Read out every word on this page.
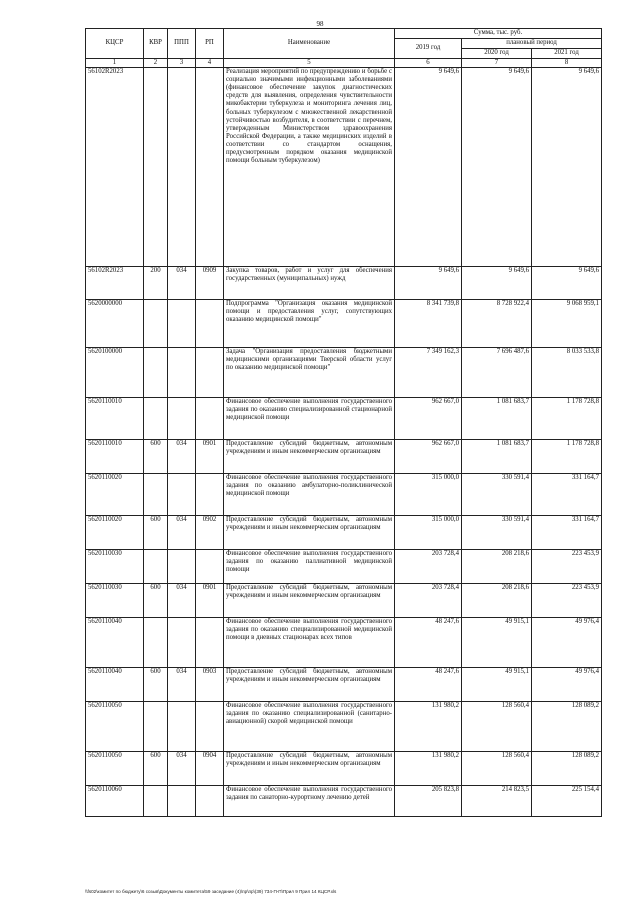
98
КЦСР	КВР	ППП	РП	Наименование	Сумма, тыс. руб.		
					2019 год	плановый период	
						2020 год	2021 год
1	2	3	4	5	6	7	8
56102R2023				Реализация мероприятий по предупреждению и борьбе с социально значимыми инфекционными заболеваниями (финансовое обеспечение закупок диагностических средств для выявления, определения чувствительности микобактерии туберкулеза и мониторинга лечения лиц, больных туберкулезом с множественной лекарственной устойчивостью возбудителя, в соответствии с перечнем, утвержденным Министерством здравоохранения Российской Федерации, а также медицинских изделий в соответствии со стандартом оснащения, предусмотренным порядком оказания медицинской помощи больным туберкулезом)	9 649,6	9 649,6	9 649,6
56102R2023	200	034	0909	Закупка товаров, работ и услуг для обеспечения государственных (муниципальных) нужд	9 649,6	9 649,6	9 649,6
5620000000				Подпрограмма "Организация оказания медицинской помощи и предоставления услуг, сопутствующих оказанию медицинской помощи"	8 341 739,8	8 728 922,4	9 068 959,1
5620100000				Задача "Организация предоставления бюджетными медицинскими организациями Тверской области услуг по оказанию медицинской помощи"	7 349 162,3	7 696 487,6	8 033 533,8
5620110010				Финансовое обеспечение выполнения государственного задания по оказанию специализированной стационарной медицинской помощи	962 667,0	1 081 683,7	1 178 728,8
5620110010	600	034	0901	Предоставление субсидий бюджетным, автономным учреждениям и иным некоммерческим организациям	962 667,0	1 081 683,7	1 178 728,8
5620110020				Финансовое обеспечение выполнения государственного задания по оказанию амбулаторно-поликлинической медицинской помощи	315 000,0	330 591,4	331 164,7
5620110020	600	034	0902	Предоставление субсидий бюджетным, автономным учреждениям и иным некоммерческим организациям	315 000,0	330 591,4	331 164,7
5620110030				Финансовое обеспечение выполнения государственного задания по оказанию паллиативной медицинской помощи	203 728,4	208 218,6	223 453,9
5620110030	600	034	0901	Предоставление субсидий бюджетным, автономным учреждениям и иным некоммерческим организациям	203 728,4	208 218,6	223 453,9
5620110040				Финансовое обеспечение выполнения государственного задания по оказанию специализированной медицинской помощи в дневных стационарах всех типов	48 247,6	49 915,1	49 976,4
5620110040	600	034	0903	Предоставление субсидий бюджетным, автономным учреждениям и иным некоммерческим организациям	48 247,6	49 915,1	49 976,4
5620110050				Финансовое обеспечение выполнения государственного задания по оказанию специализированной (санитарно-авиационной) скорой медицинской помощи	131 980,2	128 560,4	128 089,2
5620110050	600	034	0904	Предоставление субсидий бюджетным, автономным учреждениям и иным некоммерческим организациям	131 980,2	128 560,4	128 089,2
5620110060				Финансовое обеспечение выполнения государственного задания по санаторно-курортному лечению детей	205 823,8	214 823,5	225 154,4
\\fs02\комитет по бюджету\6 созыв\Документы комитета\59 заседание (4)\пр\пр\(39) 734-П-П\Прил 9 Прил 14 КЦСР.xls
